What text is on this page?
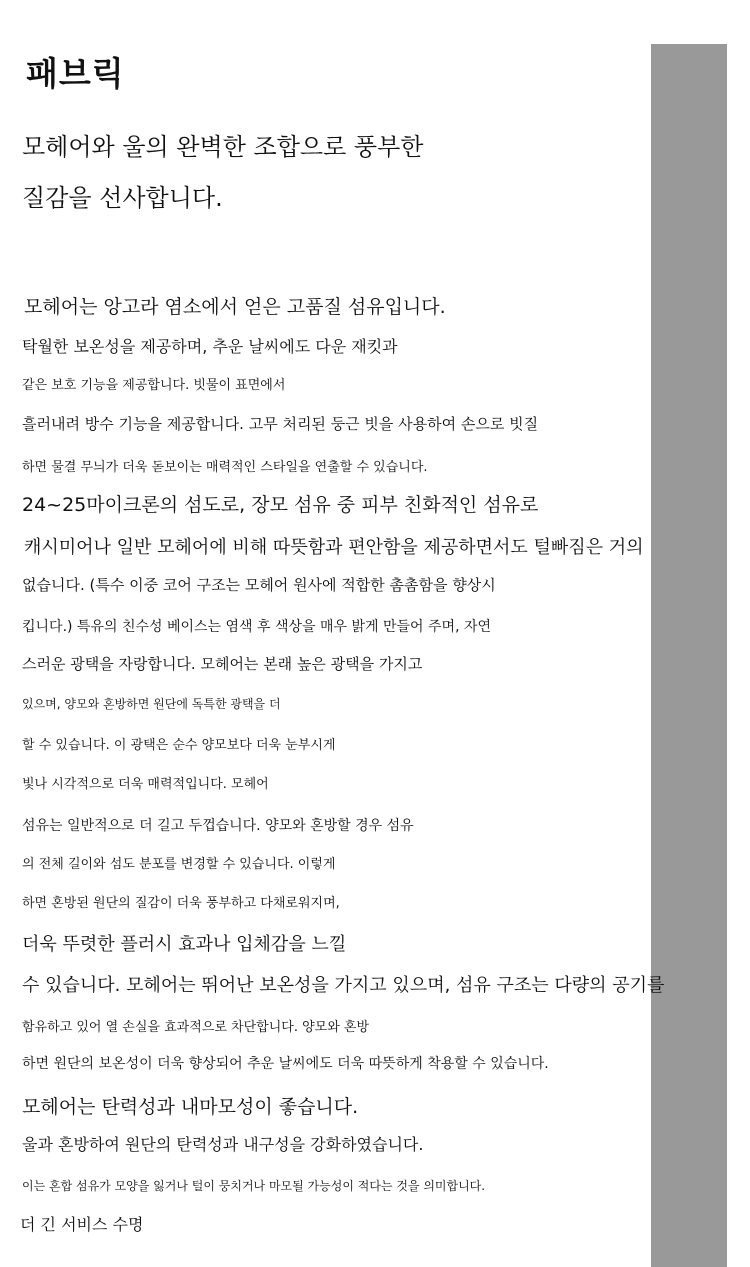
패브릭
모헤어와 울의 완벽한 조합으로 풍부한
질감을 선사합니다.
모헤어는 앙고라 염소에서 얻은 고품질 섬유입니다.
탁월한 보온성을 제공하며, 추운 날씨에도 다운 재킷과
같은 보호 기능을 제공합니다. 빗물이 표면에서
흘러내려 방수 기능을 제공합니다. 고무 처리된 둥근 빗을 사용하여 손으로 빗질
하면 물결 무늬가 더욱 돋보이는 매력적인 스타일을 연출할 수 있습니다.
24~25마이크론의 섬도로, 장모 섬유 중 피부 친화적인 섬유로
캐시미어나 일반 모헤어에 비해 따뜻함과 편안함을 제공하면서도 털빠짐은 거의
없습니다. (특수 이중 코어 구조는 모헤어 원사에 적합한 촘촘함을 향상시
킵니다.) 특유의 친수성 베이스는 염색 후 색상을 매우 밝게 만들어 주며, 자연
스러운 광택을 자랑합니다. 모헤어는 본래 높은 광택을 가지고
있으며, 양모와 혼방하면 원단에 독특한 광택을 더
할 수 있습니다. 이 광택은 순수 양모보다 더욱 눈부시게
빛나 시각적으로 더욱 매력적입니다. 모헤어
섬유는 일반적으로 더 길고 두껍습니다. 양모와 혼방할 경우 섬유
의 전체 길이와 섬도 분포를 변경할 수 있습니다. 이렇게
하면 혼방된 원단의 질감이 더욱 풍부하고 다채로워지며,
더욱 뚜렷한 플러시 효과나 입체감을 느낄
수 있습니다. 모헤어는 뛰어난 보온성을 가지고 있으며, 섬유 구조는 다량의 공기를
함유하고 있어 열 손실을 효과적으로 차단합니다. 양모와 혼방
하면 원단의 보온성이 더욱 향상되어 추운 날씨에도 더욱 따뜻하게 착용할 수 있습니다.
모헤어는 탄력성과 내마모성이 좋습니다.
울과 혼방하여 원단의 탄력성과 내구성을 강화하였습니다.
이는 혼합 섬유가 모양을 잃거나 털이 뭉치거나 마모될 가능성이 적다는 것을 의미합니다.
더 긴 서비스 수명
